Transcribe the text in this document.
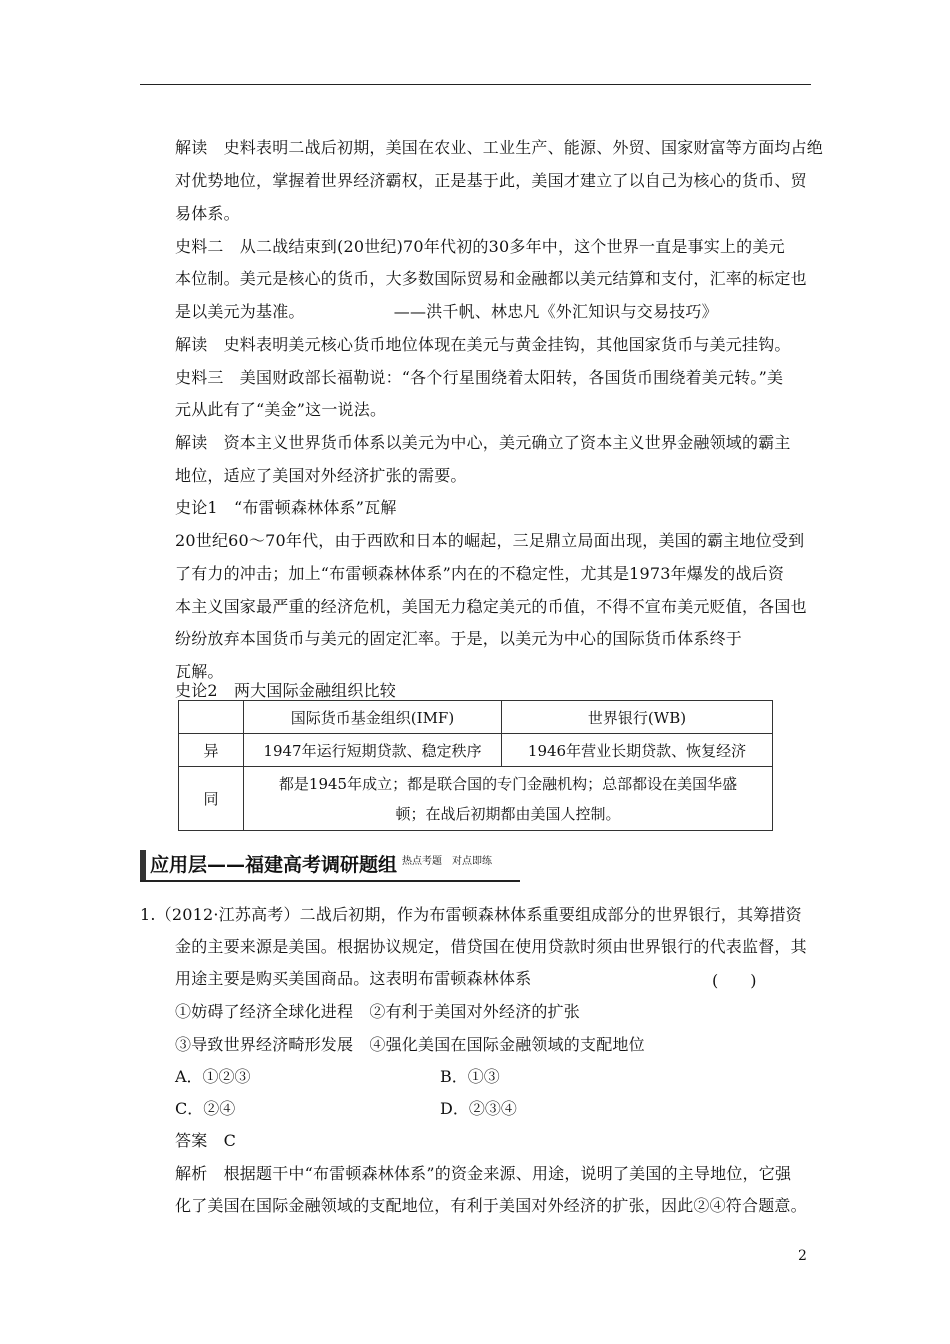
解读　史料表明二战后初期，美国在农业、工业生产、能源、外贸、国家财富等方面均占绝
对优势地位，掌握着世界经济霸权，正是基于此，美国才建立了以自己为核心的货币、贸
易体系。
史料二　从二战结束到(20世纪)70年代初的30多年中，这个世界一直是事实上的美元
本位制。美元是核心的货币，大多数国际贸易和金融都以美元结算和支付，汇率的标定也
是以美元为基准。　　　　　　——洪千帆、林忠凡《外汇知识与交易技巧》
解读　史料表明美元核心货币地位体现在美元与黄金挂钩，其他国家货币与美元挂钩。
史料三　美国财政部长福勒说：“各个行星围绕着太阳转，各国货币围绕着美元转。”美
元从此有了“美金”这一说法。
解读　资本主义世界货币体系以美元为中心，美元确立了资本主义世界金融领域的霸主
地位，适应了美国对外经济扩张的需要。
史论1　“布雷顿森林体系”瓦解
20世纪60～70年代，由于西欧和日本的崛起，三足鼎立局面出现，美国的霸主地位受到
了有力的冲击；加上“布雷顿森林体系”内在的不稳定性，尤其是1973年爆发的战后资
本主义国家最严重的经济危机，美国无力稳定美元的币值，不得不宣布美元贬值，各国也
纷纷放弃本国货币与美元的固定汇率。于是，以美元为中心的国际货币体系终于
瓦解。
史论2　两大国际金融组织比较
	国际货币基金组织(IMF)	世界银行(WB)
异	1947年运行短期贷款、稳定秩序	1946年营业长期贷款、恢复经济
同	都是1945年成立；都是联合国的专门金融机构；总部都设在美国华盛
顿；在战后初期都由美国人控制。	
应用层——福建高考调研题组 热点考题　对点即练
1.（2012·江苏高考）二战后初期，作为布雷顿森林体系重要组成部分的世界银行，其筹措资
金的主要来源是美国。根据协议规定，借贷国在使用贷款时须由世界银行的代表监督，其
用途主要是购买美国商品。这表明布雷顿森林体系	(　　)
①妨碍了经济全球化进程　②有利于美国对外经济的扩张
③导致世界经济畸形发展　④强化美国在国际金融领域的支配地位
A．①②③	B．①③
C．②④	D．②③④
答案　C
解析　根据题干中“布雷顿森林体系”的资金来源、用途，说明了美国的主导地位，它强
化了美国在国际金融领域的支配地位，有利于美国对外经济的扩张，因此②④符合题意。
2
